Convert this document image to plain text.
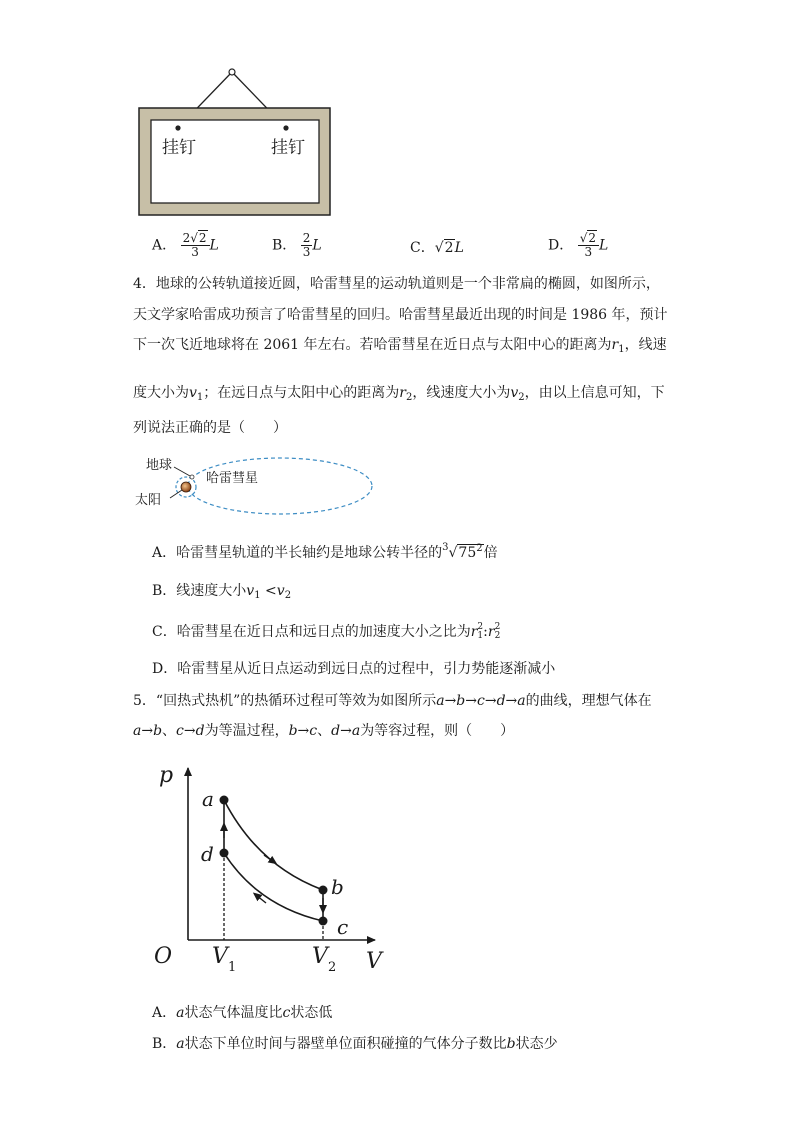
挂钉	挂钉
A． $\frac{2√2}{3}$ L	B． $\frac{2}{3}$ L	C．√2L	D． $\frac{√2}{3}$ L
4．地球的公转轨道接近圆，哈雷彗星的运动轨道则是一个非常扁的椭圆，如图所示，
天文学家哈雷成功预言了哈雷彗星的回归。哈雷彗星最近出现的时间是 1986 年，预计
下一次飞近地球将在 2061 年左右。若哈雷彗星在近日点与太阳中心的距离为$r_1$，线速
度大小为$v_1$；在远日点与太阳中心的距离为$r_2$，线速度大小为$v_2$，由以上信息可知，下
列说法正确的是（　　）
地球
哈雷彗星
太阳
A．哈雷彗星轨道的半长轴约是地球公转半径的$^3√75^2$倍
B．线速度大小$v_1 <v_2$
C．哈雷彗星在近日点和远日点的加速度大小之比为r 2
1 :r 2
2
D．哈雷彗星从近日点运动到远日点的过程中，引力势能逐渐减小
5．“回热式热机”的热循环过程可等效为如图所示a→b→c→d→a的曲线，理想气体在
a→b、c→d为等温过程，b→c、d→a为等容过程，则（　　）
p
V
O
a
d
b
c
V 1	V 2
A．a状态气体温度比c状态低
B．a状态下单位时间与器壁单位面积碰撞的气体分子数比b状态少
